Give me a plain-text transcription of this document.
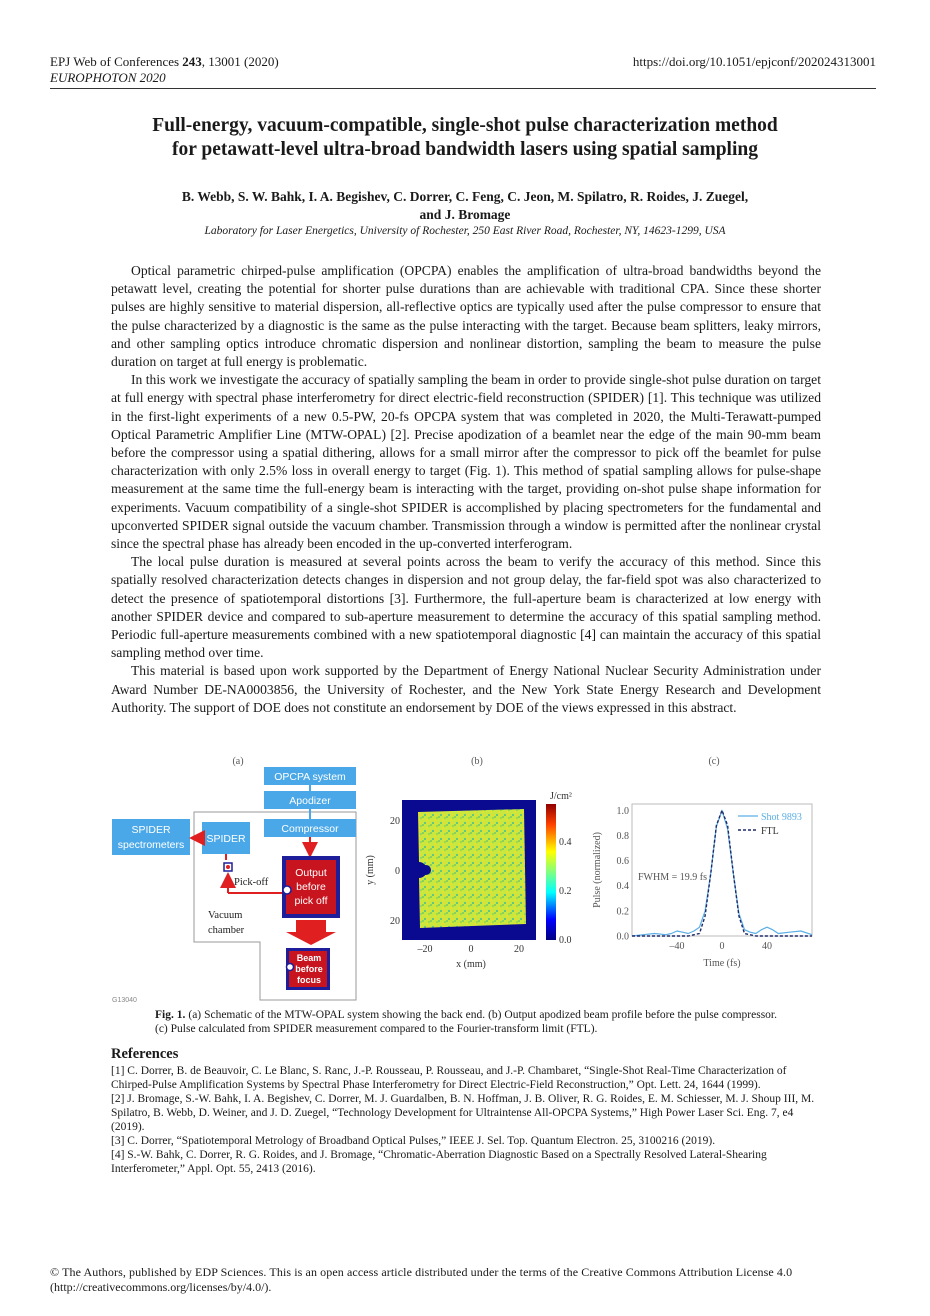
EPJ Web of Conferences 243, 13001 (2020)
EUROPHOTON 2020
https://doi.org/10.1051/epjconf/202024313001
Full-energy, vacuum-compatible, single-shot pulse characterization method
for petawatt-level ultra-broad bandwidth lasers using spatial sampling
B. Webb, S. W. Bahk, I. A. Begishev, C. Dorrer, C. Feng, C. Jeon, M. Spilatro, R. Roides, J. Zuegel,
and J. Bromage
Laboratory for Laser Energetics, University of Rochester, 250 East River Road, Rochester, NY, 14623-1299, USA

Optical parametric chirped-pulse amplification (OPCPA) enables the amplification of ultra-broad bandwidths beyond the petawatt level, creating the potential for shorter pulse durations than are achievable with traditional CPA. Since these shorter pulses are highly sensitive to material dispersion, all-reflective optics are typically used after the pulse compressor to ensure that the pulse characterized by a diagnostic is the same as the pulse interacting with the target. Because beam splitters, leaky mirrors, and other sampling optics introduce chromatic dispersion and nonlinear distortion, sampling the beam to measure the pulse duration on target at full energy is problematic.

In this work we investigate the accuracy of spatially sampling the beam in order to provide single-shot pulse duration on target at full energy with spectral phase interferometry for direct electric-field reconstruction (SPIDER) [1]. This technique was utilized in the first-light experiments of a new 0.5-PW, 20-fs OPCPA system that was completed in 2020, the Multi-Terawatt-pumped Optical Parametric Amplifier Line (MTW-OPAL) [2]. Precise apodization of a beamlet near the edge of the main 90-mm beam before the compressor using a spatial dithering, allows for a small mirror after the compressor to pick off the beamlet for pulse characterization with only 2.5% loss in overall energy to target (Fig. 1). This method of spatial sampling allows for pulse-shape measurement at the same time the full-energy beam is interacting with the target, providing on-shot pulse shape information for experiments. Vacuum compatibility of a single-shot SPIDER is accomplished by placing spectrometers for the fundamental and upconverted SPIDER signal outside the vacuum chamber. Transmission through a window is permitted after the nonlinear crystal since the spectral phase has already been encoded in the up-converted interferogram.

The local pulse duration is measured at several points across the beam to verify the accuracy of this method. Since this spatially resolved characterization detects changes in dispersion and not group delay, the far-field spot was also characterized to detect the presence of spatiotemporal distortions [3]. Furthermore, the full-aperture beam is characterized at low energy with another SPIDER device and compared to sub-aperture measurement to determine the accuracy of this spatial sampling method. Periodic full-aperture measurements combined with a new spatiotemporal diagnostic [4] can maintain the accuracy of this spatial sampling method over time.

This material is based upon work supported by the Department of Energy National Nuclear Security Administration under Award Number DE-NA0003856, the University of Rochester, and the New York State Energy Research and Development Authority. The support of DOE does not constitute an endorsement by DOE of the views expressed in this abstract.

(a)	(b)	(c)
OPCPA system
Apodizer
Compressor
SPIDER
spectrometers SPIDER
Pick-off
Output
before
pick off
Vacuum
chamber
Beam
before
focus
G13040
J/cm²
0.4
0.2
0.0
20
0
20
y (mm)
–20	0	20
x (mm)
0.0
0.2
0.4
0.6
0.8
1.0
–40	0	40
Pulse (normalized)
Time (fs)
FWHM = 19.9 fs
Shot 9893
FTL
Fig. 1. (a) Schematic of the MTW-OPAL system showing the back end. (b) Output apodized beam profile before the pulse compressor. (c) Pulse calculated from SPIDER measurement compared to the Fourier-transform limit (FTL).
References

[1] C. Dorrer, B. de Beauvoir, C. Le Blanc, S. Ranc, J.-P. Rousseau, P. Rousseau, and J.-P. Chambaret, “Single-Shot Real-Time Characterization of Chirped-Pulse Amplification Systems by Spectral Phase Interferometry for Direct Electric-Field Reconstruction,” Opt. Lett. 24, 1644 (1999).

[2] J. Bromage, S.-W. Bahk, I. A. Begishev, C. Dorrer, M. J. Guardalben, B. N. Hoffman, J. B. Oliver, R. G. Roides, E. M. Schiesser, M. J. Shoup III, M. Spilatro, B. Webb, D. Weiner, and J. D. Zuegel, “Technology Development for Ultraintense All-OPCPA Systems,” High Power Laser Sci. Eng. 7, e4 (2019).

[3] C. Dorrer, “Spatiotemporal Metrology of Broadband Optical Pulses,” IEEE J. Sel. Top. Quantum Electron. 25, 3100216 (2019).

[4] S.-W. Bahk, C. Dorrer, R. G. Roides, and J. Bromage, “Chromatic-Aberration Diagnostic Based on a Spectrally Resolved Lateral-Shearing Interferometer,” Appl. Opt. 55, 2413 (2016).

© The Authors, published by EDP Sciences. This is an open access article distributed under the terms of the Creative Commons Attribution License 4.0
(http://creativecommons.org/licenses/by/4.0/).
